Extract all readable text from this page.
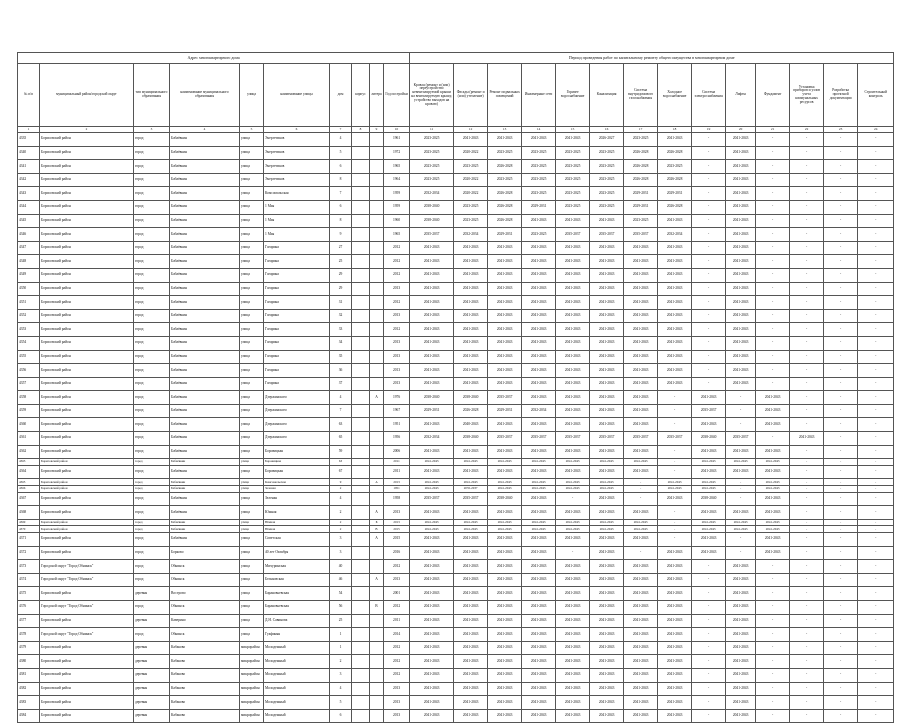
Адрес многоквартирного дома										Период проведения работ по капитальному ремонту общего имущества в многоквартирном доме													
№ п/п	муниципальный район/городской округ	тип муниципального образования	наименование муниципального образования	улица	наименование улицы	дом	корпус	литера	Год постройки	Кровля (ремонт и (или) переустройство невентилируемой крыши на вентилируемую крышу, устройство выходов на кровлю)	Фасады (ремонт и (или) утепление)	Ремонт подвальных помещений	Инженерные сети	Горячее водоснабжение	Канализация	Система внутридомового газоснабжения	Холодное водоснабжение	Система электроснабжения	Лифты	Фундамент	Установка приборов и узлов учета коммунальных ресурсов	Разработка проектной документации	Строительный контроль
1	2	3	4	5	6	7	8	9	10	11	12	13	14	15	16	17	18	19	20	21	22	23	24
4335	Борисовский район	город	Бабаёвкин	улица	Энергетиков	4			1961	2023-2025	2041-2043	2041-2043	2041-2043	2041-2043	2026-2027	2023-2025	2041-2043	-	2041-2043	-	-	-	-
4340	Борисовский район	город	Бабаёвкин	улица	Энергетиков	5			1972	2023-2025	2020-2022	2023-2025	2023-2025	2023-2025	2023-2025	2026-2028	2026-2028	-	2041-2043	-	-	-	-
4341	Борисовский район	город	Бабаёвкин	улица	Энергетиков	6			1965	2023-2025	2023-2025	2026-2028	2023-2025	2023-2025	2023-2025	2026-2028	2023-2025	-	2041-2043	-	-	-	-
4342	Борисовский район	город	Бабаёвкин	улица	Энергетиков	8			1964	2023-2025	2020-2022	2023-2025	2023-2025	2023-2025	2023-2025	2026-2028	2026-2028	-	2041-2043	-	-	-	-
4343	Борисовский район	город	Бабаёвкин	улица	Комсомольская	7			1959	2032-2034	2020-2022	2026-2028	2023-2025	2023-2025	2023-2025	2029-2031	2029-2031	-	2041-2043	-	-	-	-
4344	Борисовский район	город	Бабаёвкин	улица	1 Мая	6			1959	2038-2040	2023-2025	2026-2028	2029-2031	2023-2025	2023-2025	2029-2031	2026-2028	-	2041-2043	-	-	-	-
4345	Борисовский район	город	Бабаёвкин	улица	1 Мая	8			1960	2038-2040	2023-2025	2026-2028	2041-2043	2041-2043	2041-2043	2023-2025	2041-2043	-	2041-2043	-	-	-	-
4346	Борисовский район	город	Бабаёвкин	улица	1 Мая	9			1965	2035-2037	2032-2034	2029-2031	2023-2025	2035-2037	2035-2037	2035-2037	2032-2034	-	2041-2043	-	-	-	-
4347	Борисовский район	город	Бабаёвкин	улица	Гагарина	27			2012	2041-2043	2041-2043	2041-2043	2041-2043	2041-2043	2041-2043	2041-2043	2041-2043	-	2041-2043	-	-	-	-
4348	Борисовский район	город	Бабаёвкин	улица	Гагарина	25			2012	2041-2043	2041-2043	2041-2043	2041-2043	2041-2043	2041-2043	2041-2043	2041-2043	-	2041-2043	-	-	-	-
4349	Борисовский район	город	Бабаёвкин	улица	Гагарина	29			2012	2041-2043	2041-2043	2041-2043	2041-2043	2041-2043	2041-2043	2041-2043	2041-2043	-	2041-2043	-	-	-	-
4350	Борисовский район	город	Бабаёвкин	улица	Гагарина	29			2013	2041-2043	2041-2043	2041-2043	2041-2043	2041-2043	2041-2043	2041-2043	2041-2043	-	2041-2043	-	-	-	-
4351	Борисовский район	город	Бабаёвкин	улица	Гагарина	31			2012	2041-2043	2041-2043	2041-2043	2041-2043	2041-2043	2041-2043	2041-2043	2041-2043	-	2041-2043	-	-	-	-
4352	Борисовский район	город	Бабаёвкин	улица	Гагарина	32			2013	2041-2043	2041-2043	2041-2043	2041-2043	2041-2043	2041-2043	2041-2043	2041-2043	-	2041-2043	-	-	-	-
4353	Борисовский район	город	Бабаёвкин	улица	Гагарина	33			2012	2041-2043	2041-2043	2041-2043	2041-2043	2041-2043	2041-2043	2041-2043	2041-2043	-	2041-2043	-	-	-	-
4354	Борисовский район	город	Бабаёвкин	улица	Гагарина	34			2013	2041-2043	2041-2043	2041-2043	2041-2043	2041-2043	2041-2043	2041-2043	2041-2043	-	2041-2043	-	-	-	-
4355	Борисовский район	город	Бабаёвкин	улица	Гагарина	35			2013	2041-2043	2041-2043	2041-2043	2041-2043	2041-2043	2041-2043	2041-2043	2041-2043	-	2041-2043	-	-	-	-
4356	Борисовский район	город	Бабаёвкин	улица	Гагарина	36			2013	2041-2043	2041-2043	2041-2043	2041-2043	2041-2043	2041-2043	2041-2043	2041-2043	-	2041-2043	-	-	-	-
4357	Борисовский район	город	Бабаёвкин	улица	Гагарина	37			2013	2041-2043	2041-2043	2041-2043	2041-2043	2041-2043	2041-2043	2041-2043	2041-2043	-	2041-2043	-	-	-	-
4358	Борисовский район	город	Бабаёвкин	улица	Дзержинского	4		А	1976	2038-2040	2038-2040	2035-2037	2041-2043	2041-2043	2041-2043	2041-2043	-	2041-2043	-	2041-2043	-	-	-
4359	Борисовский район	город	Бабаёвкин	улица	Дзержинского	7			1967	2029-2031	2026-2028	2029-2031	2032-2034	2041-2043	2041-2043	2041-2043	-	2035-2037	-	2041-2043	-	-	-
4360	Борисовский район	город	Бабаёвкин	улица	Дзержинского	63			1951	2041-2043	2040-2043	2041-2043	2041-2043	2041-2043	2041-2043	2041-2043	-	2041-2043	-	2041-2043	-	-	-
4361	Борисовский район	город	Бабаёвкин	улица	Дзержинского	65			1956	2032-2034	2038-2040	2035-2037	2035-2037	2035-2037	2035-2037	2035-2037	2035-2037	2038-2040	2035-2037	-	2041-2043	-	-
4362	Борисовский район	город	Бабаёвкин	улица	Боровицкая	59			2006	2041-2043	2041-2043	2041-2043	2041-2043	2041-2043	2041-2043	2041-2043	-	2041-2043	2041-2043	2041-2043	-	-	-
4363	Борисовский район	город	Бабаёвкин	улица	Боровицкая	63			2011	2041-2043	2041-2043	2041-2043	2041-2043	2041-2043	2041-2043	2041-2043	-	2041-2043	2041-2043	2041-2043	-	-	-
4364	Борисовский район	город	Бабаёвкин	улица	Боровицкая	67			2011	2041-2043	2041-2043	2041-2043	2041-2043	2041-2043	2041-2043	2041-2043	-	2041-2043	2041-2043	2041-2043	-	-	-
4365	Борисовский район	город	Бабаёвкин	улица	Комсомольская	9		А	2013	2041-2043	2041-2043	2041-2043	2041-2043	2041-2043	2041-2043	-	2041-2043	2041-2043	-	2041-2043	-	-	-
4366	Борисовский район	город	Бабаёвкин	улица	Зеленая	2			1951	2041-2043	2035-2037	2041-2043	2041-2043	2041-2043	2041-2043	-	2041-2043	2041-2043	-	2041-2043	-	-	-
4367	Борисовский район	город	Бабаёвкин	улица	Зеленая	4			1958	2035-2037	2035-2037	2038-2040	2041-2043	-	2041-2043	-	2041-2043	2038-2040	-	2041-2043	-	-	-
4368	Борисовский район	город	Бабаёвкин	улица	Южная	2		А	2013	2041-2043	2041-2043	2041-2043	2041-2043	2041-2043	2041-2043	2041-2043	-	2041-2043	2041-2043	2041-2043	-	-	-
4369	Борисовский район	город	Бабаёвкин	улица	Южная	2		Б	2013	2041-2043	2041-2043	2041-2043	2041-2043	2041-2043	2041-2043	2041-2043	-	2041-2043	2041-2043	2041-2043	-	-	-
4370	Борисовский район	город	Бабаёвкин	улица	Южная	2		В	2015	2041-2043	2041-2043	2041-2043	2041-2043	2041-2043	2041-2043	2041-2043	-	2041-2043	2041-2043	2041-2043	-	-	-
4371	Борисовский район	город	Бабаёвкин	улица	Советская	3		А	2015	2041-2043	2041-2043	2041-2043	2041-2043	2041-2043	2041-2043	2041-2043	-	2041-2043	-	2041-2043	-	-	-
4372	Борисовский район	город	Борково	улица	40 лет Октября	3			2016	2041-2043	2041-2043	2041-2043	2041-2043	-	2041-2043	-	2041-2043	2041-2043	-	2041-2043	-	-	-
4373	Городской округ "Город Обнинск"	город	Обнинск	улица	Мичуринская	40			2012	2041-2043	2041-2043	2041-2043	2041-2043	2041-2043	2041-2043	2041-2043	2041-2043	-	2041-2043	-	-	-	-
4374	Городской округ "Город Обнинск"	город	Обнинск	улица	Бельковская	46		А	2013	2041-2043	2041-2043	2041-2043	2041-2043	2041-2043	2041-2043	2041-2043	2041-2043	-	2041-2043	-	-	-	-
4375	Борисовский район	деревня	Вострово	улица	Барановьевская	54			2001	2041-2043	2041-2043	2041-2043	2041-2043	2041-2043	2041-2043	2041-2043	2041-2043	-	2041-2043	-	-	-	-
4376	Городской округ "Город Обнинск"	город	Обнинск	улица	Барановьевская	56		В	2012	2041-2043	2041-2043	2041-2043	2041-2043	2041-2043	2041-2043	2041-2043	2041-2043	-	2041-2043	-	-	-	-
4377	Борисовский район	деревня	Каверино	улица	Д.Н. Савинова	25			2011	2041-2043	2041-2043	2041-2043	2041-2043	2041-2043	2041-2043	2041-2043	2041-2043	-	2041-2043	-	-	-	-
4378	Городской округ "Город Обнинск"	город	Обнинск	улица	Гуафинян	1			2014	2041-2043	2041-2043	2041-2043	2041-2043	2041-2043	2041-2043	2041-2043	2041-2043	-	2041-2043	-	-	-	-
4379	Борисовский район	деревня	Кабаково	микрорайон	Молодежный	1			2012	2041-2043	2041-2043	2041-2043	2041-2043	2041-2043	2041-2043	2041-2043	2041-2043	-	2041-2043	-	-	-	-
4380	Борисовский район	деревня	Кабаково	микрорайон	Молодежный	2			2012	2041-2043	2041-2043	2041-2043	2041-2043	2041-2043	2041-2043	2041-2043	2041-2043	-	2041-2043	-	-	-	-
4381	Борисовский район	деревня	Кабаково	микрорайон	Молодежный	3			2012	2041-2043	2041-2043	2041-2043	2041-2043	2041-2043	2041-2043	2041-2043	2041-2043	-	2041-2043	-	-	-	-
4382	Борисовский район	деревня	Кабаково	микрорайон	Молодежный	4			2013	2041-2043	2041-2043	2041-2043	2041-2043	2041-2043	2041-2043	2041-2043	2041-2043	-	2041-2043	-	-	-	-
4383	Борисовский район	деревня	Кабаково	микрорайон	Молодежный	5			2013	2041-2043	2041-2043	2041-2043	2041-2043	2041-2043	2041-2043	2041-2043	2041-2043	-	2041-2043	-	-	-	-
4384	Борисовский район	деревня	Кабаково	микрорайон	Молодежный	6			2013	2041-2043	2041-2043	2041-2043	2041-2043	2041-2043	2041-2043	2041-2043	2041-2043	-	2041-2043	-	-	-	-
